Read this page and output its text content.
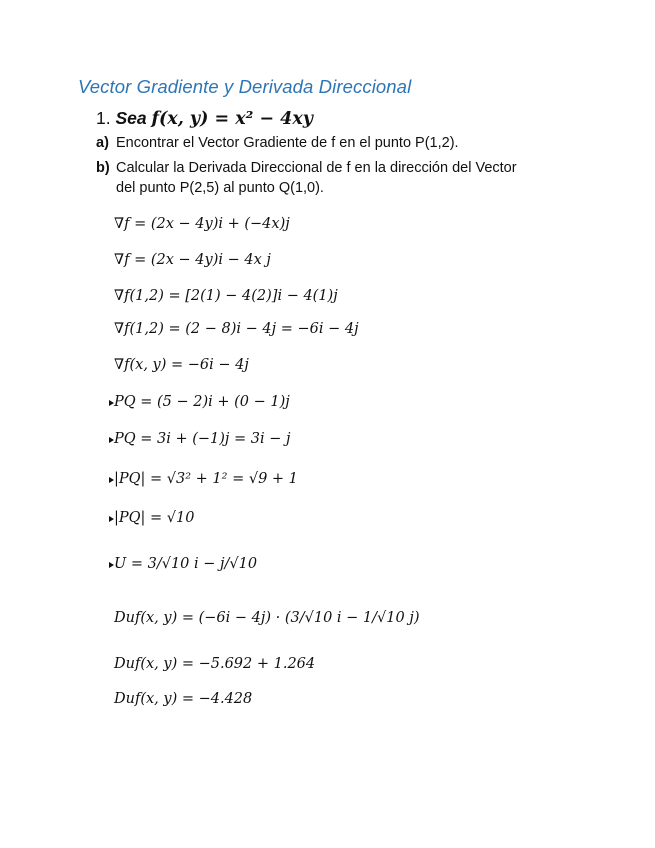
Vector Gradiente y Derivada Direccional
1. Sea f(x, y) = x² − 4xy
a) Encontrar el Vector Gradiente de f en el punto P(1,2).
b) Calcular la Derivada Direccional de f en la dirección del Vector
del punto P(2,5) al punto Q(1,0).
∇f = (2x − 4y)i + (−4x)j
∇f = (2x − 4y)i − 4x j
∇f(1,2) = [2(1) − 4(2)]i − 4(1)j
∇f(1,2) = (2 − 8)i − 4j = −6i − 4j
∇f(x, y) = −6i − 4j
PQ = (5 − 2)i + (0 − 1)j
PQ = 3i + (−1)j = 3i − j
|PQ| = √3² + 1² = √9 + 1
|PQ| = √10
U = 3/√10 i − j/√10
Duf(x, y) = (−6i − 4j) · (3/√10 i − 1/√10 j)
Duf(x, y) = −5.692 + 1.264
Duf(x, y) = −4.428
